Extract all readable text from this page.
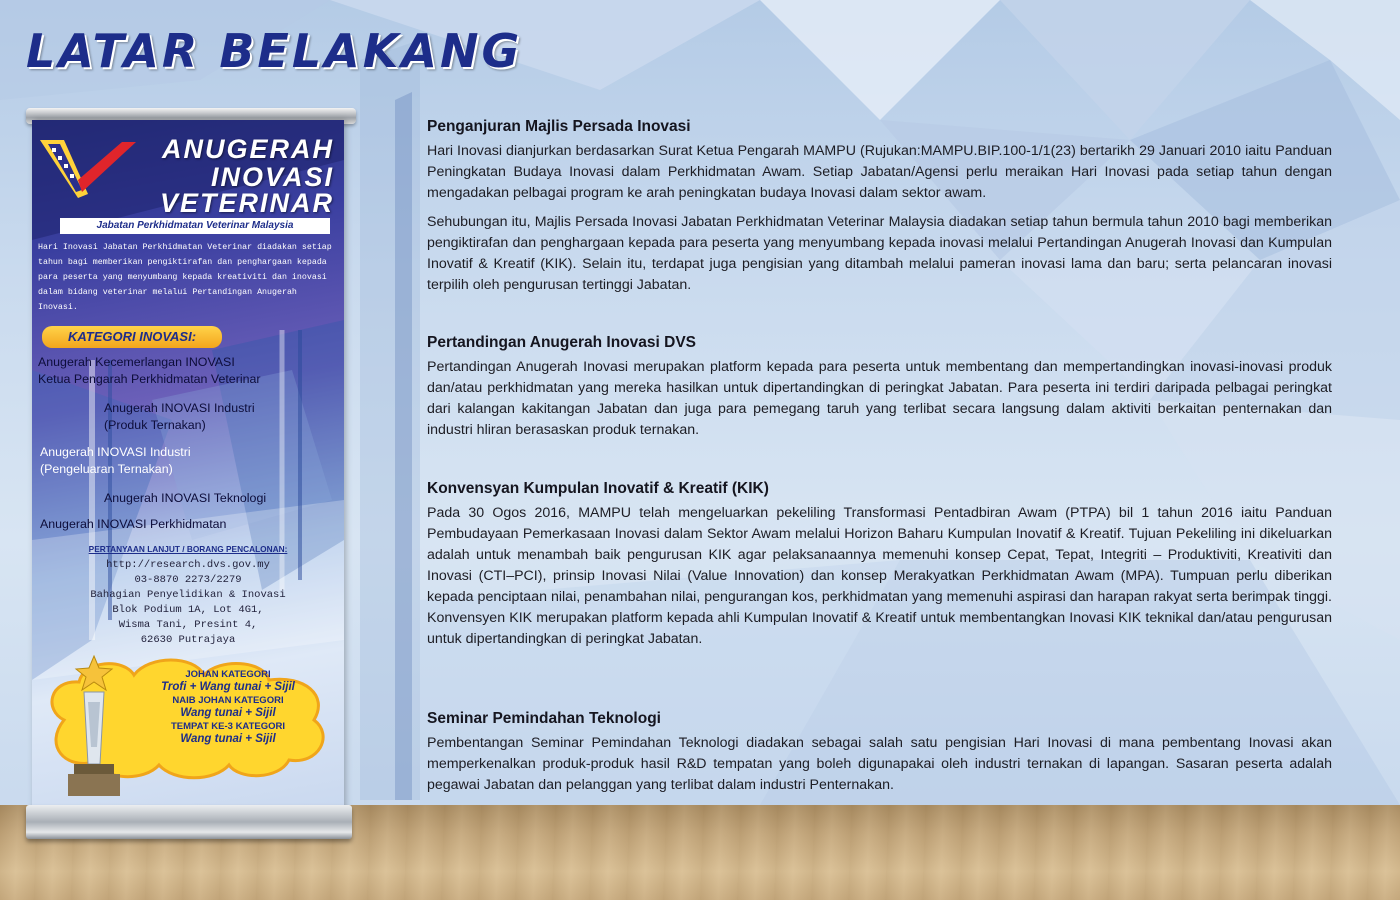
LATAR BELAKANG
ANUGERAH
INOVASI
VETERINAR
Jabatan Perkhidmatan Veterinar Malaysia
Hari Inovasi Jabatan Perkhidmatan Veterinar diadakan setiap tahun bagi memberikan pengiktirafan dan penghargaan kepada para peserta yang menyumbang kepada kreativiti dan inovasi dalam bidang veterinar melalui Pertandingan Anugerah Inovasi.
KATEGORI INOVASI:
Anugerah Kecemerlangan INOVASI
Ketua Pengarah Perkhidmatan Veterinar
Anugerah INOVASI Industri
(Produk Ternakan)
Anugerah INOVASI Industri
(Pengeluaran Ternakan)
Anugerah INOVASI Teknologi
Anugerah INOVASI Perkhidmatan
PERTANYAAN LANJUT / BORANG PENCALONAN:
http://research.dvs.gov.my
03-8870 2273/2279
Bahagian Penyelidikan & Inovasi
Blok Podium 1A, Lot 4G1,
Wisma Tani, Presint 4,
62630 Putrajaya
JOHAN KATEGORI
Trofi + Wang tunai + Sijil
NAIB JOHAN KATEGORI
Wang tunai + Sijil
TEMPAT KE-3 KATEGORI
Wang tunai + Sijil
Penganjuran Majlis Persada Inovasi

Hari Inovasi dianjurkan berdasarkan Surat Ketua Pengarah MAMPU (Rujukan:MAMPU.BIP.100-1/1(23) bertarikh 29 Januari 2010 iaitu Panduan Peningkatan Budaya Inovasi dalam Perkhidmatan Awam. Setiap Jabatan/Agensi perlu meraikan Hari Inovasi pada setiap tahun dengan mengadakan pelbagai program ke arah peningkatan budaya Inovasi dalam sektor awam.

Sehubungan itu, Majlis Persada Inovasi Jabatan Perkhidmatan Veterinar Malaysia diadakan setiap tahun bermula tahun 2010 bagi memberikan pengiktirafan dan penghargaan kepada para peserta yang menyumbang kepada inovasi melalui Pertandingan Anugerah Inovasi dan Kumpulan Inovatif & Kreatif (KIK). Selain itu, terdapat juga pengisian yang ditambah melalui pameran inovasi lama dan baru; serta pelancaran inovasi terpilih oleh pengurusan tertinggi Jabatan.

Pertandingan Anugerah Inovasi DVS

Pertandingan Anugerah Inovasi merupakan platform kepada para peserta untuk membentang dan mempertandingkan inovasi-inovasi produk dan/atau perkhidmatan yang mereka hasilkan untuk dipertandingkan di peringkat Jabatan. Para peserta ini terdiri daripada pelbagai peringkat dari kalangan kakitangan Jabatan dan juga para pemegang taruh yang terlibat secara langsung dalam aktiviti berkaitan penternakan dan industri hliran berasaskan produk ternakan.

Konvensyan Kumpulan Inovatif & Kreatif (KIK)

Pada 30 Ogos 2016, MAMPU telah mengeluarkan pekeliling Transformasi Pentadbiran Awam (PTPA) bil 1 tahun 2016 iaitu Panduan Pembudayaan Pemerkasaan Inovasi dalam Sektor Awam melalui Horizon Baharu Kumpulan Inovatif & Kreatif. Tujuan Pekeliling ini dikeluarkan adalah untuk menambah baik pengurusan KIK agar pelaksanaannya memenuhi konsep Cepat, Tepat, Integriti – Produktiviti, Kreativiti dan Inovasi (CTI–PCI), prinsip Inovasi Nilai (Value Innovation) dan konsep Merakyatkan Perkhidmatan Awam (MPA). Tumpuan perlu diberikan kepada penciptaan nilai, penambahan nilai, pengurangan kos, perkhidmatan yang memenuhi aspirasi dan harapan rakyat serta berimpak tinggi. Konvensyen KIK merupakan platform kepada ahli Kumpulan Inovatif & Kreatif untuk membentangkan Inovasi KIK teknikal dan/atau pengurusan untuk dipertandingkan di peringkat Jabatan.

Seminar Pemindahan Teknologi

Pembentangan Seminar Pemindahan Teknologi diadakan sebagai salah satu pengisian Hari Inovasi di mana pembentang Inovasi akan memperkenalkan produk-produk hasil R&D tempatan yang boleh digunapakai oleh industri ternakan di lapangan. Sasaran peserta adalah pegawai Jabatan dan pelanggan yang terlibat dalam industri Penternakan.
